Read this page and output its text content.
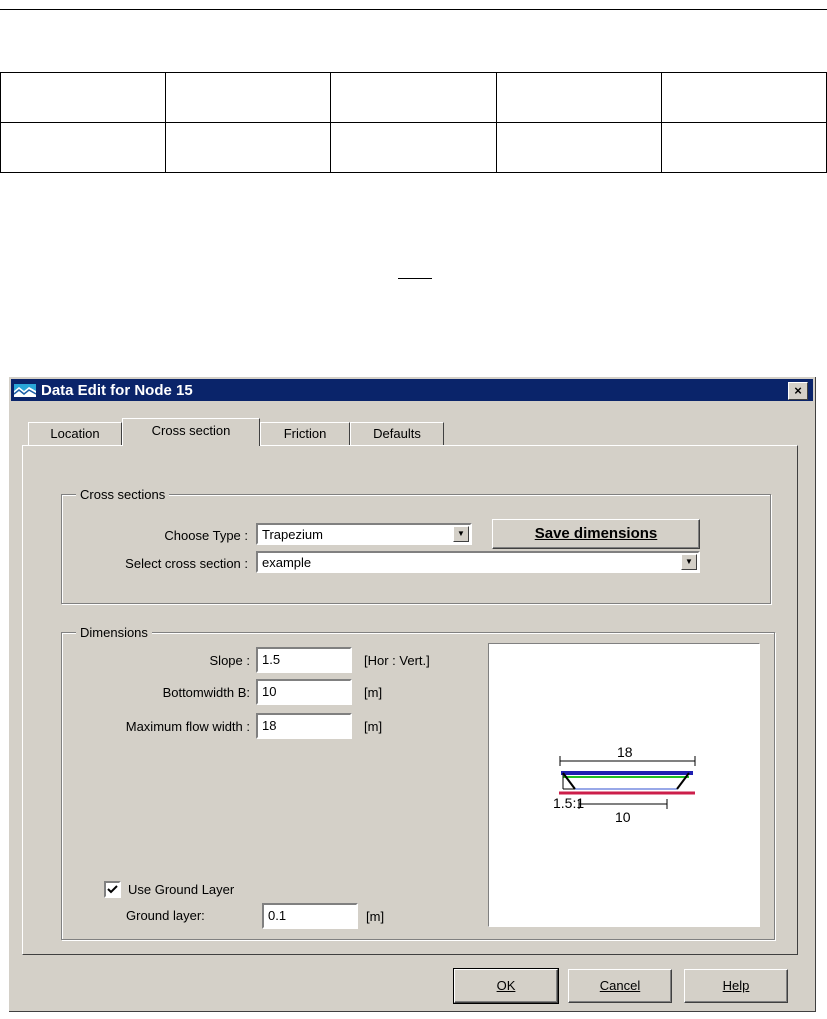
Data Edit for Node 15	×
Location	Cross section	Friction	Defaults
Cross sections
Choose Type : Trapezium	▼	Save dimensions
Select cross section : example	▼
Dimensions
Slope : 1.5	[Hor : Vert.]
Bottomwidth B: 10	[m]
Maximum flow width : 18	[m]
Use Ground Layer
Ground layer:	0.1	[m]
18
1.5:1
10
OK	Cancel	Help
